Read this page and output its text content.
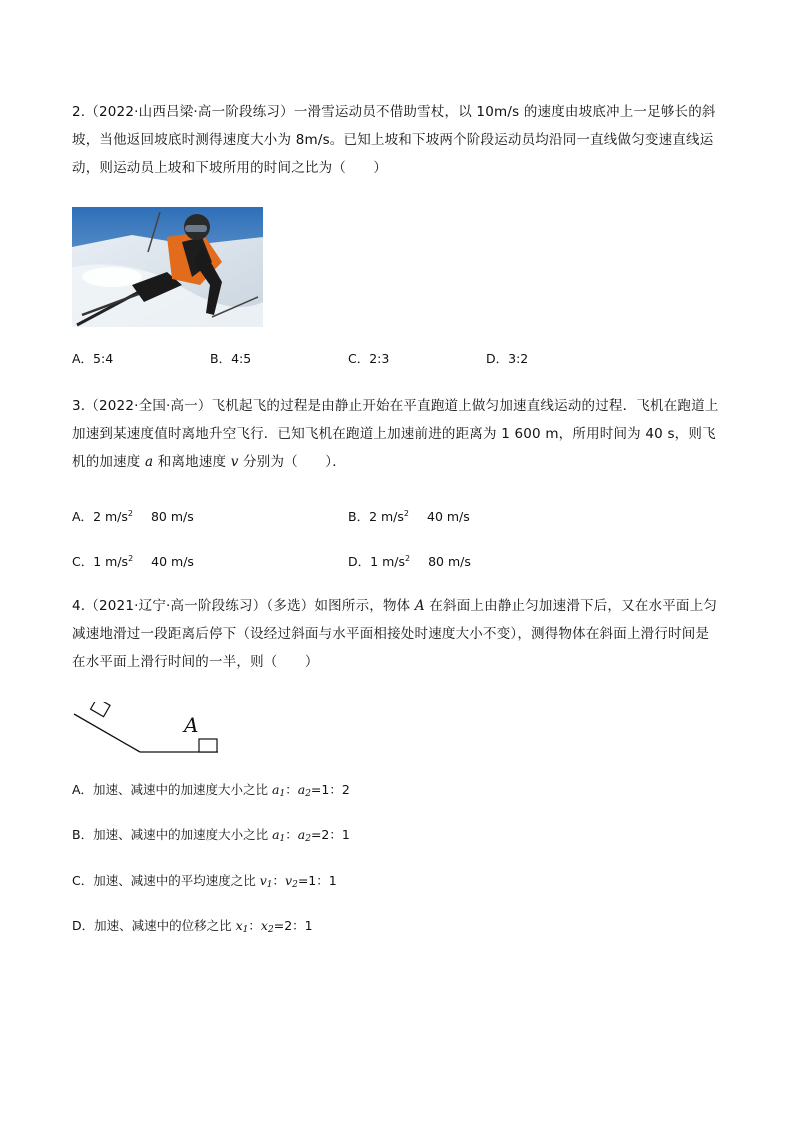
2.（2022·山西吕梁·高一阶段练习）一滑雪运动员不借助雪杖，以 10m/s 的速度由坡底冲上一足够长的斜坡，当他返回坡底时测得速度大小为 8m/s。已知上坡和下坡两个阶段运动员均沿同一直线做匀变速直线运动，则运动员上坡和下坡所用的时间之比为（　　）
A．5:4	B．4:5	C．2:3	D．3:2
3.（2022·全国·高一）飞机起飞的过程是由静止开始在平直跑道上做匀加速直线运动的过程．飞机在跑道上加速到某速度值时离地升空飞行．已知飞机在跑道上加速前进的距离为 1 600 m，所用时间为 40 s，则飞机的加速度 a 和离地速度 v 分别为（　　）．
A．2 $m/s^2$ 80 m/s	B．2 $m/s^2$ 40 m/s
C．1 $m/s^2$ 40 m/s	D．1 $m/s^2$ 80 m/s
4.（2021·辽宁·高一阶段练习）（多选）如图所示，物体 A 在斜面上由静止匀加速滑下后，又在水平面上匀减速地滑过一段距离后停下（设经过斜面与水平面相接处时速度大小不变），测得物体在斜面上滑行时间是在水平面上滑行时间的一半，则（　　）
A
A．加速、减速中的加速度大小之比 $a_1$：$a_2=1$：2
B．加速、减速中的加速度大小之比 $a_1$：$a_2=2$：1
C．加速、减速中的平均速度之比 $v_1$：$v_2=1$：1
D．加速、减速中的位移之比 $x_1$：$x_2=2$：1
